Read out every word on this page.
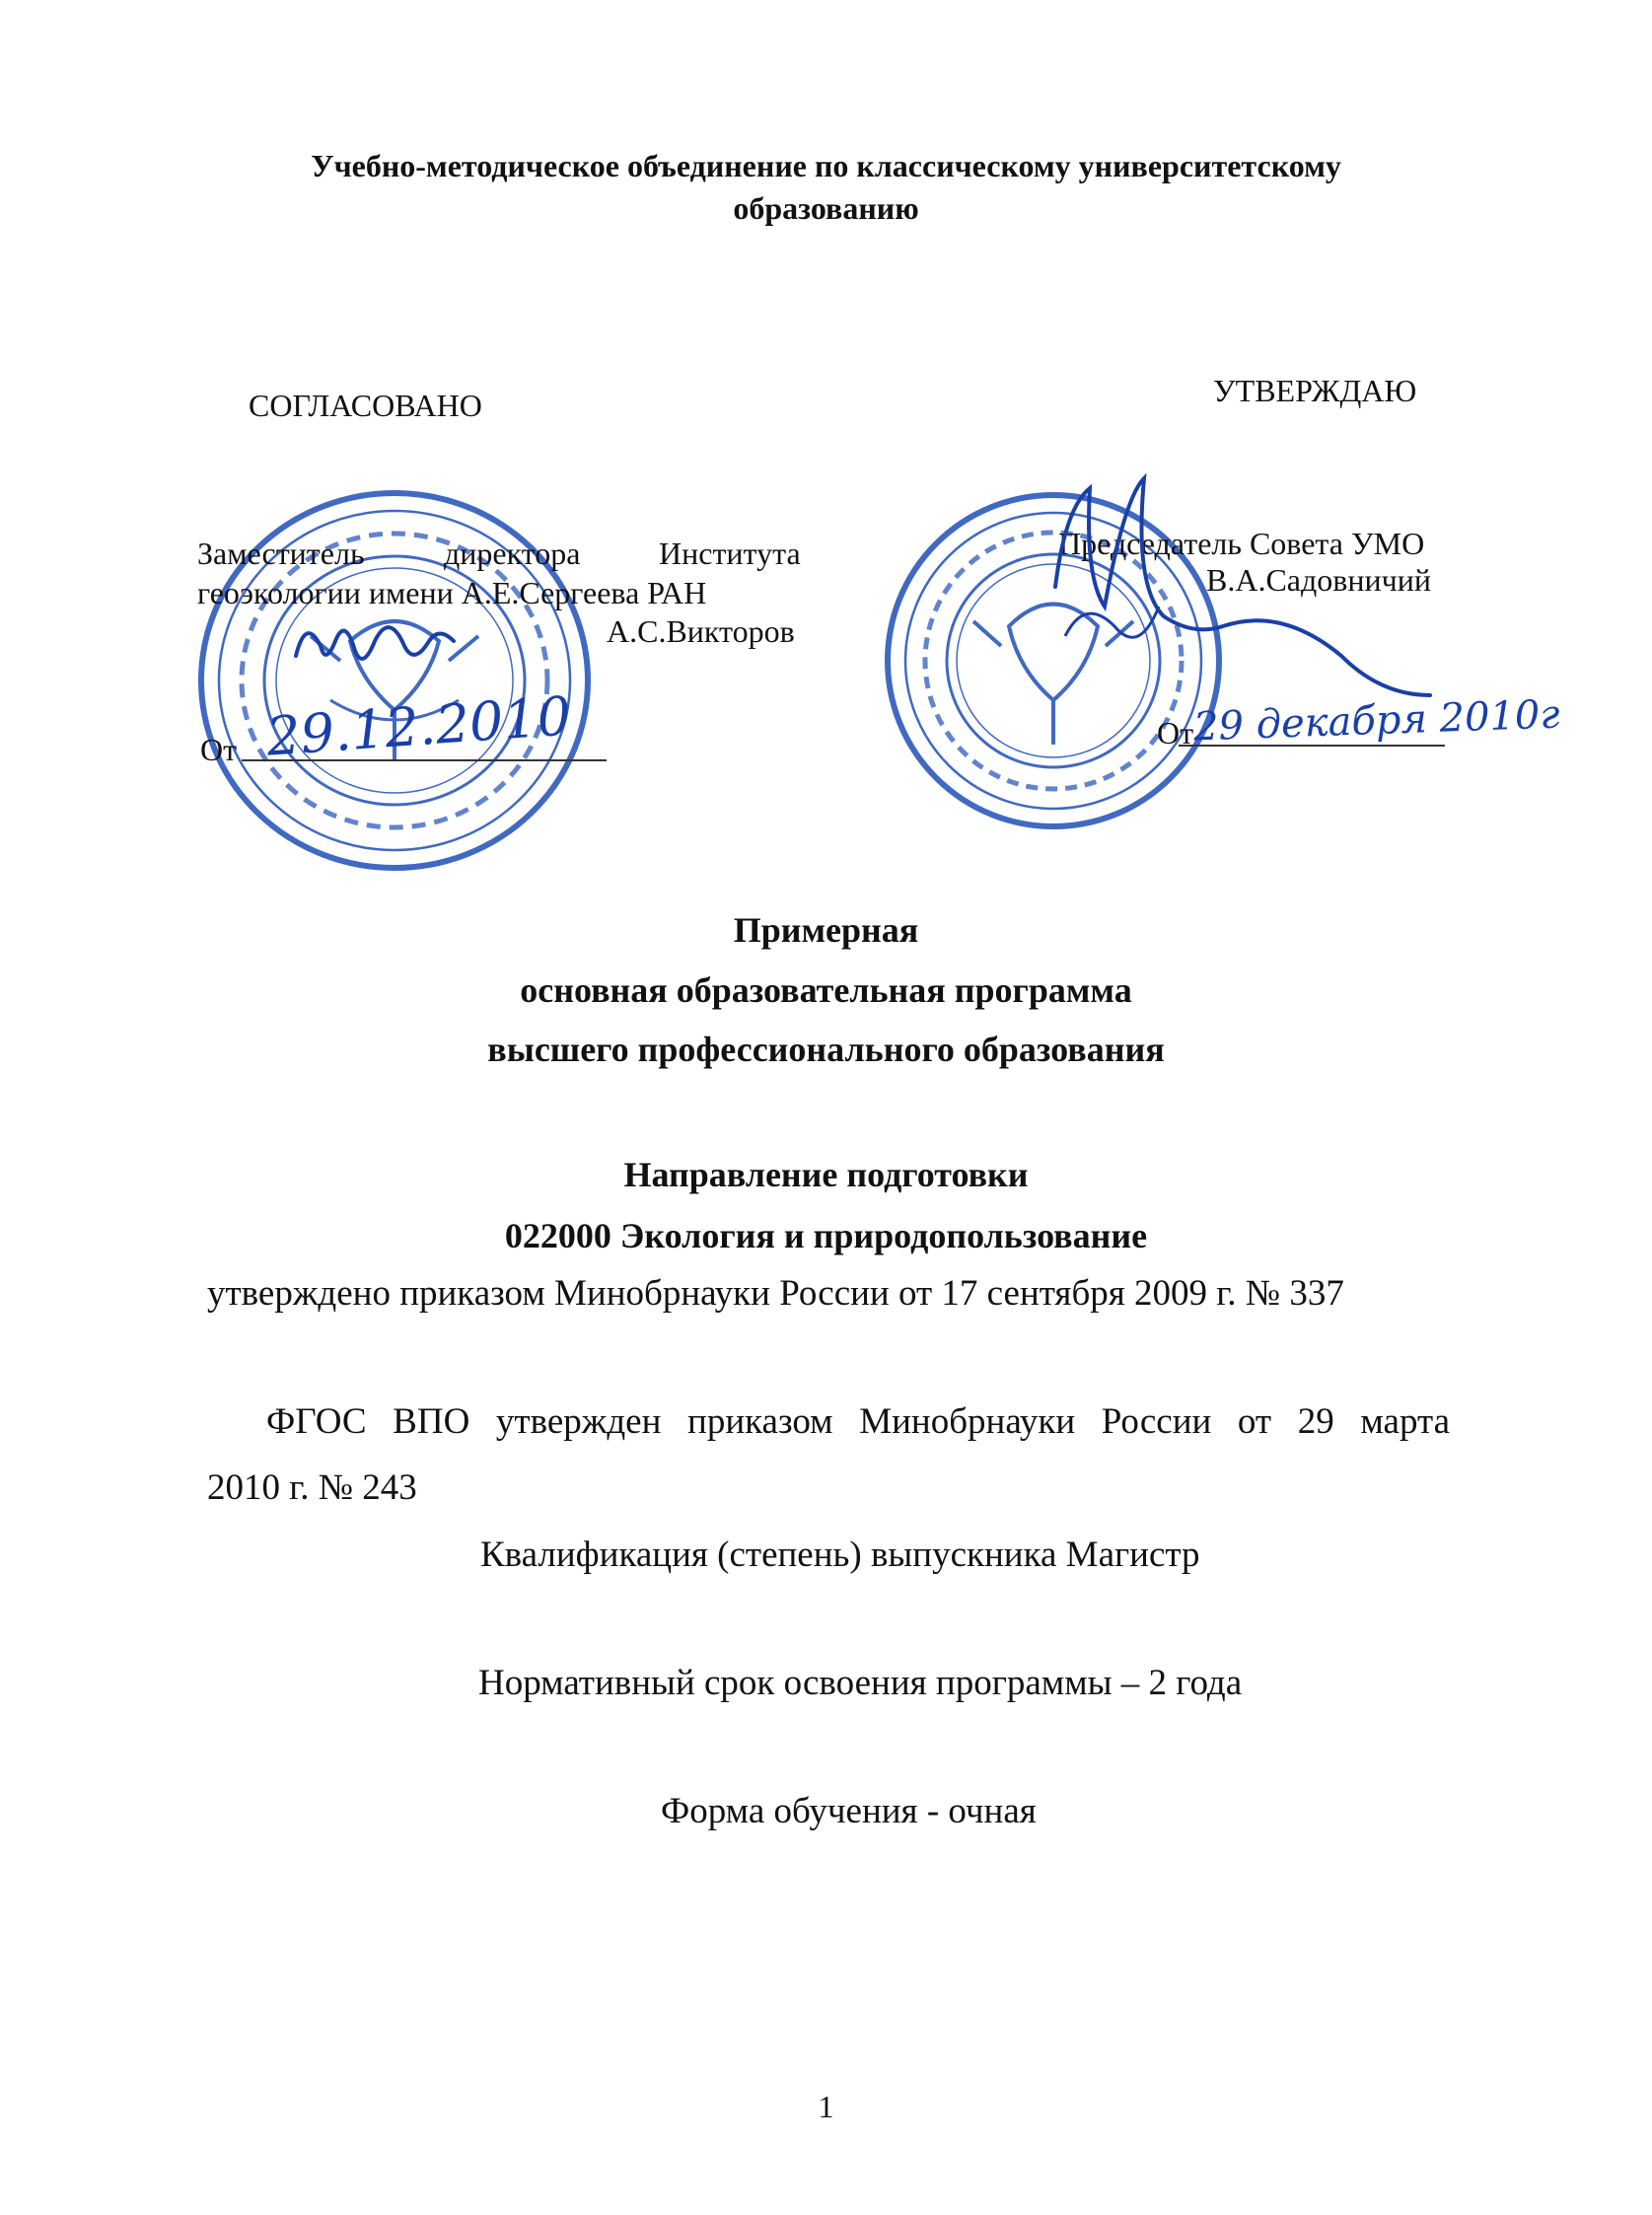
Учебно-методическое объединение по классическому университетскому
образованию
СОГЛАСОВАНО
Заместитель	директора Института
геоэкологии имени А.Е.Сергеева РАН
А.С.Викторов
От 29.12.2010
УТВЕРЖДАЮ
Председатель Совета УМО
В.А.Садовничий
От 29 декабря 2010г
Примерная
основная образовательная программа
высшего профессионального образования
Направление подготовки
022000 Экология и природопользование
утверждено приказом Минобрнауки России от 17 сентября 2009 г. № 337
ФГОС ВПО утвержден приказом Минобрнауки России от 29 марта
2010 г. № 243
Квалификация (степень) выпускника Магистр
Нормативный срок освоения программы – 2 года
Форма обучения - очная
1
